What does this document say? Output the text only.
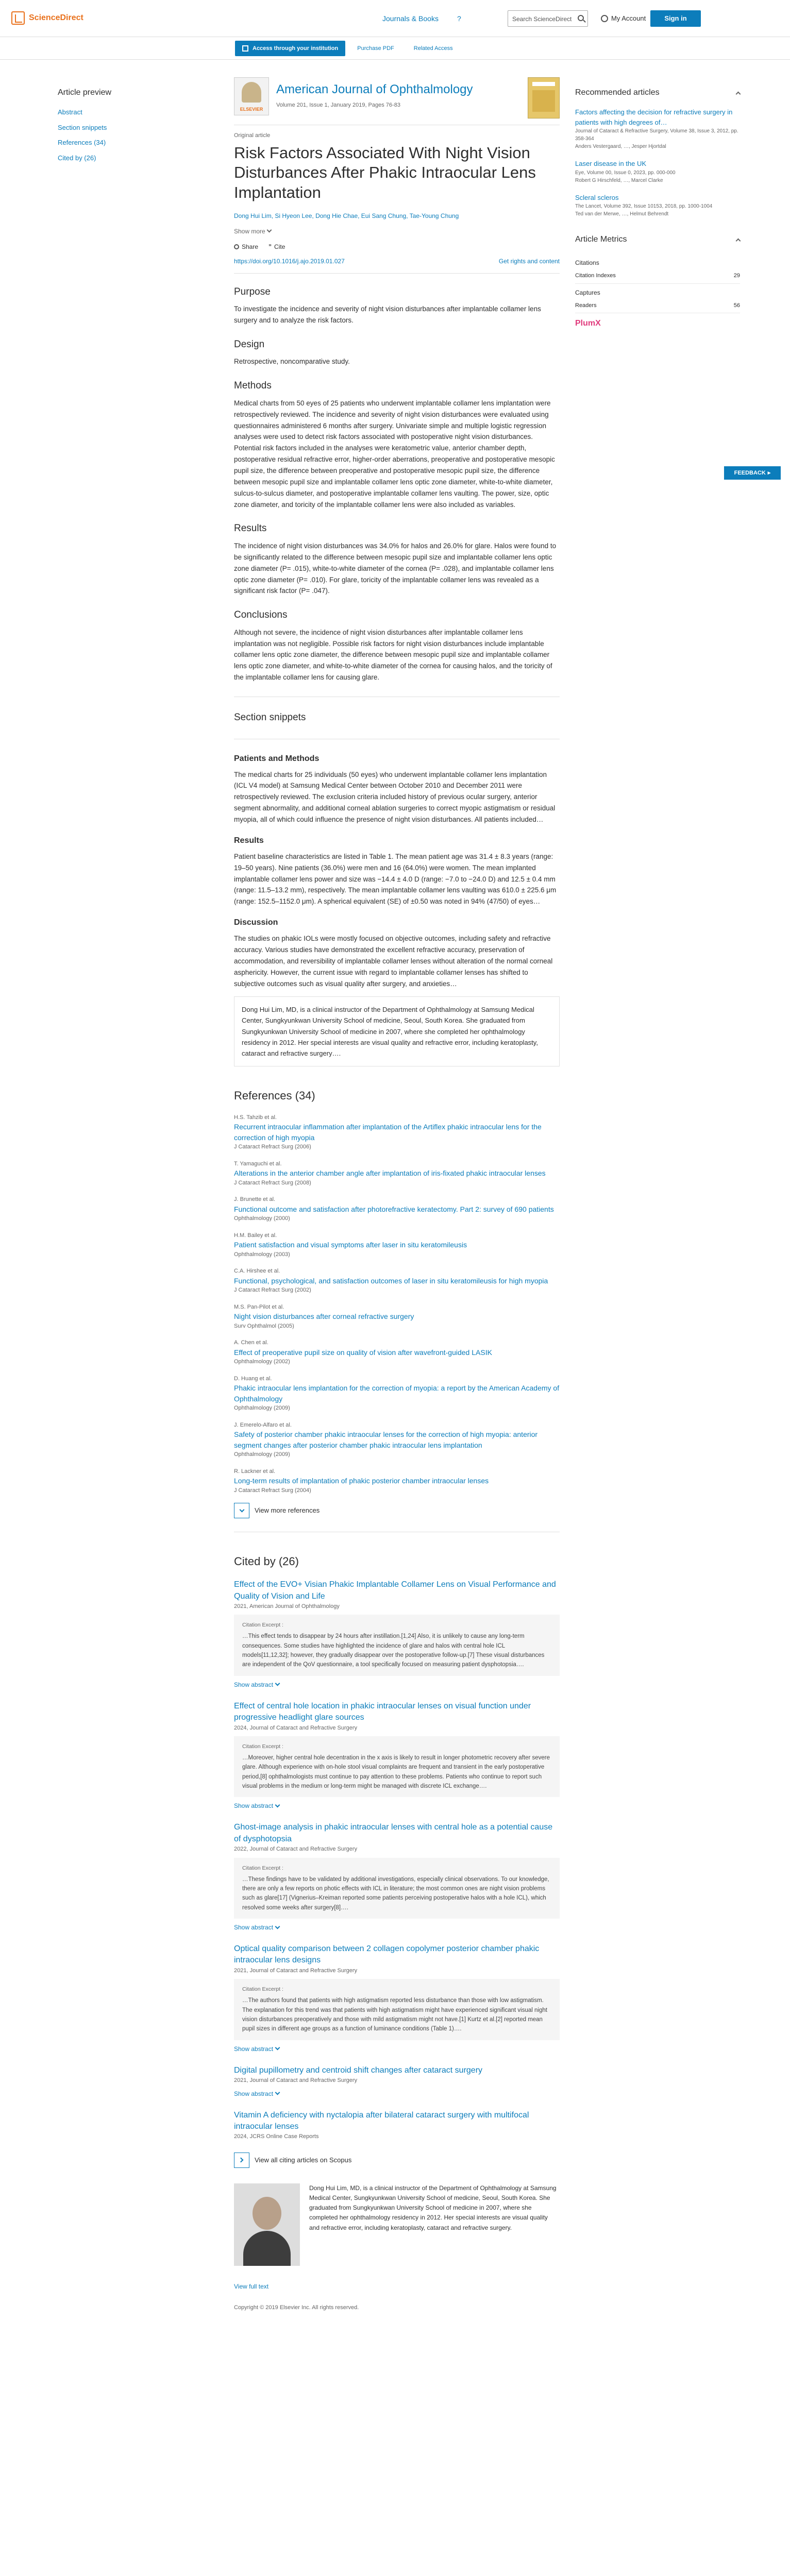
ScienceDirect	Journals & Books	?	Search ScienceDirect	My Account	Sign in
Access through your institution	Purchase PDF	Related Access
Article preview
Abstract
Section snippets
References (34)
Cited by (26)
ELSEVIER
American Journal of Ophthalmology
Volume 201, Issue 1, January 2019, Pages 76-83
Original article
Risk Factors Associated With Night Vision Disturbances After Phakic Intraocular Lens Implantation
Dong Hui Lim, Si Hyeon Lee, Dong Hie Chae, Eui Sang Chung, Tae-Young Chung
Show more
Share ” Cite
https://doi.org/10.1016/j.ajo.2019.01.027	Get rights and content
Purpose

To investigate the incidence and severity of night vision disturbances after implantable collamer lens surgery and to analyze the risk factors.

Design

Retrospective, noncomparative study.

Methods

Medical charts from 50 eyes of 25 patients who underwent implantable collamer lens implantation were retrospectively reviewed. The incidence and severity of night vision disturbances were evaluated using questionnaires administered 6 months after surgery. Univariate simple and multiple logistic regression analyses were used to detect risk factors associated with postoperative night vision disturbances. Potential risk factors included in the analyses were keratometric value, anterior chamber depth, postoperative residual refractive error, higher-order aberrations, preoperative and postoperative mesopic pupil size, the difference between preoperative and postoperative mesopic pupil size, the difference between mesopic pupil size and implantable collamer lens optic zone diameter, white-to-white diameter, sulcus-to-sulcus diameter, and postoperative implantable collamer lens vaulting. The power, size, optic zone diameter, and toricity of the implantable collamer lens were also included as variables.

Results

The incidence of night vision disturbances was 34.0% for halos and 26.0% for glare. Halos were found to be significantly related to the difference between mesopic pupil size and implantable collamer lens optic zone diameter (P= .015), white-to-white diameter of the cornea (P= .028), and implantable collamer lens optic zone diameter (P= .010). For glare, toricity of the implantable collamer lens was revealed as a significant risk factor (P= .047).

Conclusions

Although not severe, the incidence of night vision disturbances after implantable collamer lens implantation was not negligible. Possible risk factors for night vision disturbances include implantable collamer lens optic zone diameter, the difference between mesopic pupil size and implantable collamer lens optic zone diameter, and white-to-white diameter of the cornea for causing halos, and the toricity of the implantable collamer lens for causing glare.

Section snippets
Patients and Methods

The medical charts for 25 individuals (50 eyes) who underwent implantable collamer lens implantation (ICL V4 model) at Samsung Medical Center between October 2010 and December 2011 were retrospectively reviewed. The exclusion criteria included history of previous ocular surgery, anterior segment abnormality, and additional corneal ablation surgeries to correct myopic astigmatism or residual myopia, all of which could influence the presence of night vision disturbances. All patients included…

Results

Patient baseline characteristics are listed in Table 1. The mean patient age was 31.4 ± 8.3 years (range: 19–50 years). Nine patients (36.0%) were men and 16 (64.0%) were women. The mean implanted implantable collamer lens power and size was −14.4 ± 4.0 D (range: −7.0 to −24.0 D) and 12.5 ± 0.4 mm (range: 11.5–13.2 mm), respectively. The mean implantable collamer lens vaulting was 610.0 ± 225.6 μm (range: 152.5–1152.0 μm). A spherical equivalent (SE) of ±0.50 was noted in 94% (47/50) of eyes…

Discussion

The studies on phakic IOLs were mostly focused on objective outcomes, including safety and refractive accuracy. Various studies have demonstrated the excellent refractive accuracy, preservation of accommodation, and reversibility of implantable collamer lenses without alteration of the normal corneal asphericity. However, the current issue with regard to implantable collamer lenses has shifted to subjective outcomes such as visual quality after surgery, and anxieties…

Dong Hui Lim, MD, is a clinical instructor of the Department of Ophthalmology at Samsung Medical Center, Sungkyunkwan University School of medicine, Seoul, South Korea. She graduated from Sungkyunkwan University School of medicine in 2007, where she completed her ophthalmology residency in 2012. Her special interests are visual quality and refractive error, including keratoplasty, cataract and refractive surgery….
References (34)
H.S. Tahzib et al.
Recurrent intraocular inflammation after implantation of the Artiflex phakic intraocular lens for the correction of high myopia
J Cataract Refract Surg (2006)
T. Yamaguchi et al.
Alterations in the anterior chamber angle after implantation of iris-fixated phakic intraocular lenses
J Cataract Refract Surg (2008)
J. Brunette et al.
Functional outcome and satisfaction after photorefractive keratectomy. Part 2: survey of 690 patients
Ophthalmology (2000)
H.M. Bailey et al.
Patient satisfaction and visual symptoms after laser in situ keratomileusis
Ophthalmology (2003)
C.A. Hirshee et al.
Functional, psychological, and satisfaction outcomes of laser in situ keratomileusis for high myopia
J Cataract Refract Surg (2002)
M.S. Pan-Pilot et al.
Night vision disturbances after corneal refractive surgery
Surv Ophthalmol (2005)
A. Chen et al.
Effect of preoperative pupil size on quality of vision after wavefront-guided LASIK
Ophthalmology (2002)
D. Huang et al.
Phakic intraocular lens implantation for the correction of myopia: a report by the American Academy of Ophthalmology
Ophthalmology (2009)
J. Emerelo-Alfaro et al.
Safety of posterior chamber phakic intraocular lenses for the correction of high myopia: anterior segment changes after posterior chamber phakic intraocular lens implantation
Ophthalmology (2009)
R. Lackner et al.
Long-term results of implantation of phakic posterior chamber intraocular lenses
J Cataract Refract Surg (2004)
View more references
Cited by (26)
Effect of the EVO+ Visian Phakic Implantable Collamer Lens on Visual Performance and Quality of Vision and Life
2021, American Journal of Ophthalmology
Citation Excerpt :
…This effect tends to disappear by 24 hours after instillation.[1,24] Also, it is unlikely to cause any long-term consequences. Some studies have highlighted the incidence of glare and halos with central hole ICL models[11,12,32]; however, they gradually disappear over the postoperative follow-up.[7] These visual disturbances are independent of the QoV questionnaire, a tool specifically focused on measuring patient dysphotopsia….
Show abstract
Effect of central hole location in phakic intraocular lenses on visual function under progressive headlight glare sources
2024, Journal of Cataract and Refractive Surgery
Citation Excerpt :
…Moreover, higher central hole decentration in the x axis is likely to result in longer photometric recovery after severe glare. Although experience with on-hole stool visual complaints are frequent and transient in the early postoperative period,[8] ophthalmologists must continue to pay attention to these problems. Patients who continue to report such visual problems in the medium or long-term might be managed with discrete ICL exchange….
Show abstract
Ghost-image analysis in phakic intraocular lenses with central hole as a potential cause of dysphotopsia
2022, Journal of Cataract and Refractive Surgery
Citation Excerpt :
…These findings have to be validated by additional investigations, especially clinical observations. To our knowledge, there are only a few reports on photic effects with ICL in literature; the most common ones are night vision problems such as glare[17] (Vignerius–Kreiman reported some patients perceiving postoperative halos with a hole ICL), which resolved some weeks after surgery[8]….
Show abstract
Optical quality comparison between 2 collagen copolymer posterior chamber phakic intraocular lens designs
2021, Journal of Cataract and Refractive Surgery
Citation Excerpt :
…The authors found that patients with high astigmatism reported less disturbance than those with low astigmatism. The explanation for this trend was that patients with high astigmatism might have experienced significant visual night vision disturbances preoperatively and those with mild astigmatism might not have.[1] Kurtz et al.[2] reported mean pupil sizes in different age groups as a function of luminance conditions (Table 1)….
Show abstract
Digital pupillometry and centroid shift changes after cataract surgery
2021, Journal of Cataract and Refractive Surgery
Show abstract
Vitamin A deficiency with nyctalopia after bilateral cataract surgery with multifocal intraocular lenses
2024, JCRS Online Case Reports
View all citing articles on Scopus
Dong Hui Lim, MD, is a clinical instructor of the Department of Ophthalmology at Samsung Medical Center, Sungkyunkwan University School of medicine, Seoul, South Korea. She graduated from Sungkyunkwan University School of medicine in 2007, where she completed her ophthalmology residency in 2012. Her special interests are visual quality and refractive error, including keratoplasty, cataract and refractive surgery.
View full text
Copyright © 2019 Elsevier Inc. All rights reserved.
Recommended articles
Factors affecting the decision for refractive surgery in patients with high degrees of…
Journal of Cataract & Refractive Surgery, Volume 38, Issue 3, 2012, pp. 358-364
Anders Vestergaard, …, Jesper Hjortdal
Laser disease in the UK
Eye, Volume 00, Issue 0, 2023, pp. 000-000
Robert G Hirschfeld, …, Marcel Clarke
Scleral scleros
The Lancet, Volume 392, Issue 10153, 2018, pp. 1000-1004
Ted van der Merwe, …, Helmut Behrendt
Article Metrics
Citations
Citation Indexes	29
Captures
Readers	56
PlumX
FEEDBACK ▸
